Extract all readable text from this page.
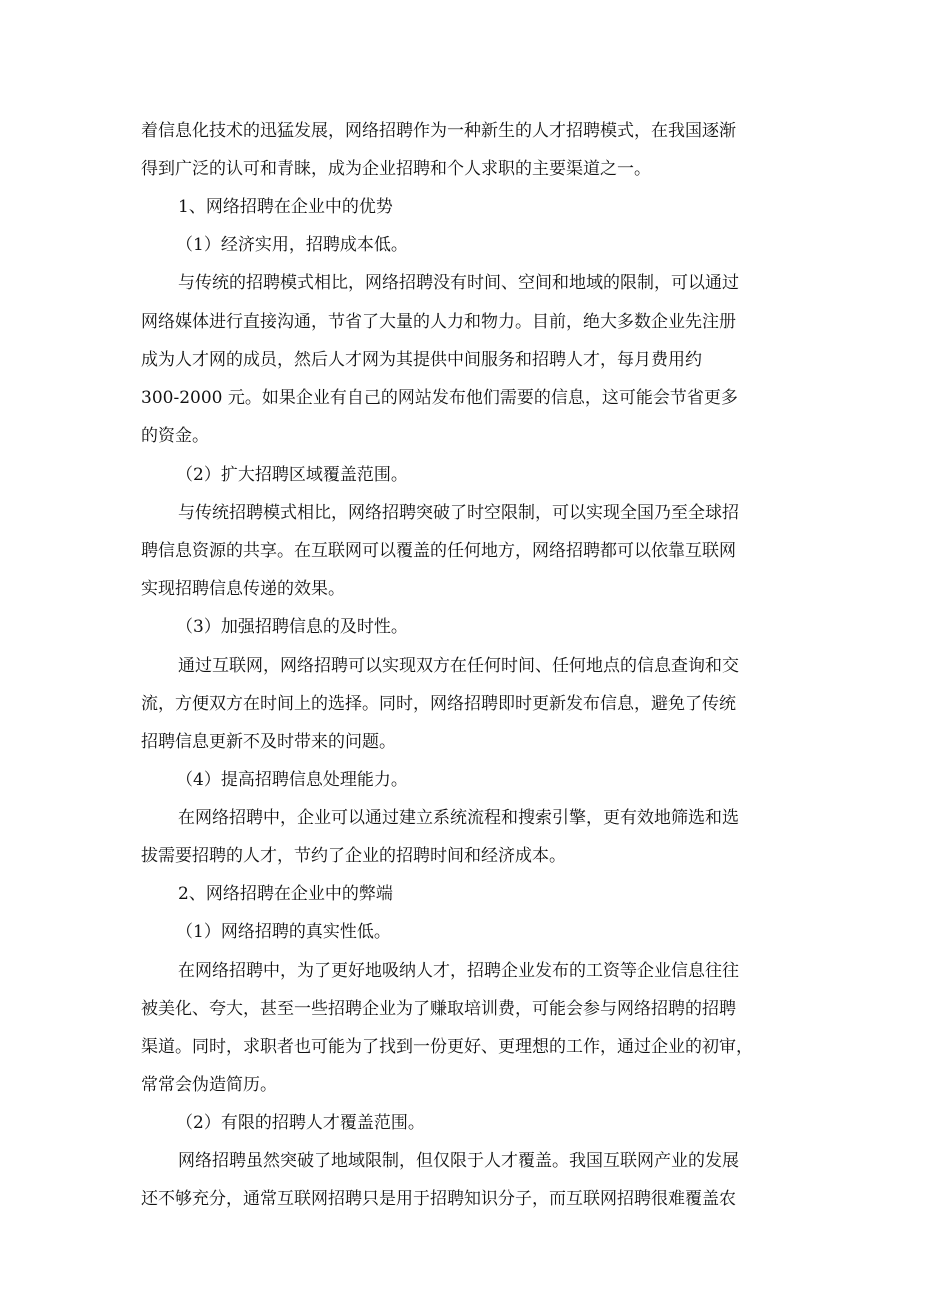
着信息化技术的迅猛发展，网络招聘作为一种新生的人才招聘模式，在我国逐渐
得到广泛的认可和青睐，成为企业招聘和个人求职的主要渠道之一。
1、网络招聘在企业中的优势
（1）经济实用，招聘成本低。
与传统的招聘模式相比，网络招聘没有时间、空间和地域的限制，可以通过
网络媒体进行直接沟通，节省了大量的人力和物力。目前，绝大多数企业先注册
成为人才网的成员，然后人才网为其提供中间服务和招聘人才，每月费用约
300-2000 元。如果企业有自己的网站发布他们需要的信息，这可能会节省更多
的资金。
（2）扩大招聘区域覆盖范围。
与传统招聘模式相比，网络招聘突破了时空限制，可以实现全国乃至全球招
聘信息资源的共享。在互联网可以覆盖的任何地方，网络招聘都可以依靠互联网
实现招聘信息传递的效果。
（3）加强招聘信息的及时性。
通过互联网，网络招聘可以实现双方在任何时间、任何地点的信息查询和交
流，方便双方在时间上的选择。同时，网络招聘即时更新发布信息，避免了传统
招聘信息更新不及时带来的问题。
（4）提高招聘信息处理能力。
在网络招聘中，企业可以通过建立系统流程和搜索引擎，更有效地筛选和选
拔需要招聘的人才，节约了企业的招聘时间和经济成本。
2、网络招聘在企业中的弊端
（1）网络招聘的真实性低。
在网络招聘中，为了更好地吸纳人才，招聘企业发布的工资等企业信息往往
被美化、夸大，甚至一些招聘企业为了赚取培训费，可能会参与网络招聘的招聘
渠道。同时，求职者也可能为了找到一份更好、更理想的工作，通过企业的初审，
常常会伪造简历。
（2）有限的招聘人才覆盖范围。
网络招聘虽然突破了地域限制，但仅限于人才覆盖。我国互联网产业的发展
还不够充分，通常互联网招聘只是用于招聘知识分子，而互联网招聘很难覆盖农
